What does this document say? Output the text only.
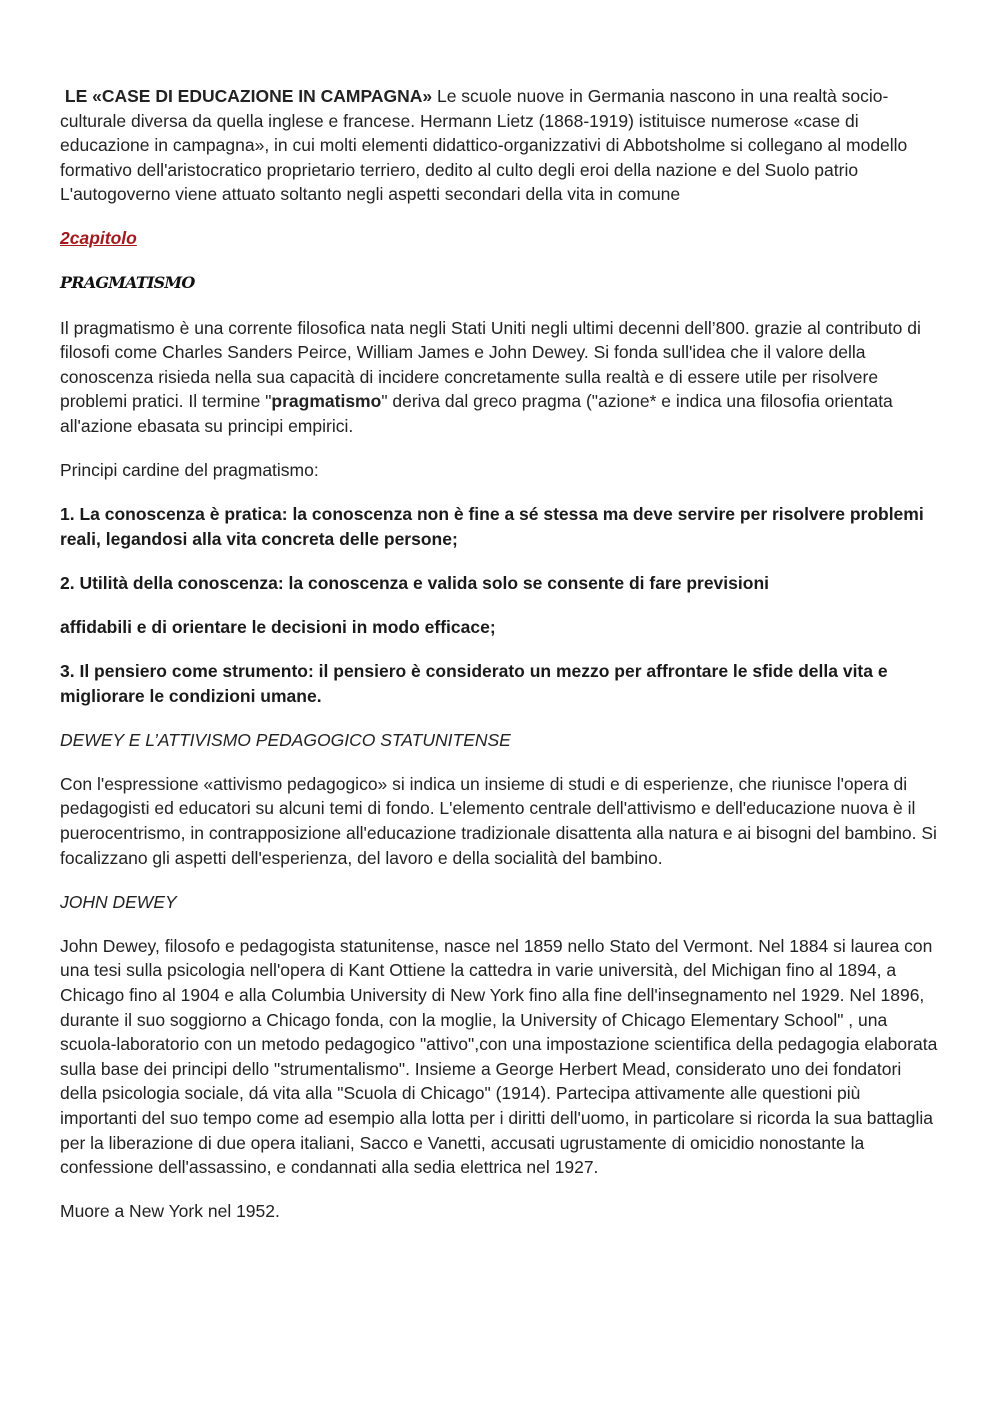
LE «CASE DI EDUCAZIONE IN CAMPAGNA» Le scuole nuove in Germania nascono in una realtà socio-culturale diversa da quella inglese e francese. Hermann Lietz (1868-1919) istituisce numerose «case di educazione in campagna», in cui molti elementi didattico-organizzativi di Abbotsholme si collegano al modello formativo dell'aristocratico proprietario terriero, dedito al culto degli eroi della nazione e del Suolo patrio L'autogoverno viene attuato soltanto negli aspetti secondari della vita in comune

2capitolo

PRAGMATISMO

Il pragmatismo è una corrente filosofica nata negli Stati Uniti negli ultimi decenni dell’800. grazie al contributo di filosofi come Charles Sanders Peirce, William James e John Dewey. Si fonda sull'idea che il valore della conoscenza risieda nella sua capacità di incidere concretamente sulla realtà e di essere utile per risolvere problemi pratici. Il termine "pragmatismo" deriva dal greco pragma ("azione* e indica una filosofia orientata all'azione ebasata su principi empirici.

Principi cardine del pragmatismo:

1. La conoscenza è pratica: la conoscenza non è fine a sé stessa ma deve servire per risolvere problemi reali, legandosi alla vita concreta delle persone;

2. Utilità della conoscenza: la conoscenza e valida solo se consente di fare previsioni

affidabili e di orientare le decisioni in modo efficace;

3. Il pensiero come strumento: il pensiero è considerato un mezzo per affrontare le sfide della vita e migliorare le condizioni umane.

DEWEY E L’ATTIVISMO PEDAGOGICO STATUNITENSE

Con l'espressione «attivismo pedagogico» si indica un insieme di studi e di esperienze, che riunisce l'opera di pedagogisti ed educatori su alcuni temi di fondo. L'elemento centrale dell'attivismo e dell'educazione nuova è il puerocentrismo, in contrapposizione all'educazione tradizionale disattenta alla natura e ai bisogni del bambino. Si focalizzano gli aspetti dell'esperienza, del lavoro e della socialità del bambino.

JOHN DEWEY

John Dewey, filosofo e pedagogista statunitense, nasce nel 1859 nello Stato del Vermont. Nel 1884 si laurea con una tesi sulla psicologia nell'opera di Kant Ottiene la cattedra in varie università, del Michigan fino al 1894, a Chicago fino al 1904 e alla Columbia University di New York fino alla fine dell'insegnamento nel 1929. Nel 1896, durante il suo soggiorno a Chicago fonda, con la moglie, la University of Chicago Elementary School" , una scuola-laboratorio con un metodo pedagogico "attivo",con una impostazione scientifica della pedagogia elaborata sulla base dei principi dello "strumentalismo". Insieme a George Herbert Mead, considerato uno dei fondatori della psicologia sociale, dá vita alla "Scuola di Chicago" (1914). Partecipa attivamente alle questioni più importanti del suo tempo come ad esempio alla lotta per i diritti dell'uomo, in particolare si ricorda la sua battaglia per la liberazione di due opera italiani, Sacco e Vanetti, accusati ugrustamente di omicidio nonostante la confessione dell'assassino, e condannati alla sedia elettrica nel 1927.

Muore a New York nel 1952.
